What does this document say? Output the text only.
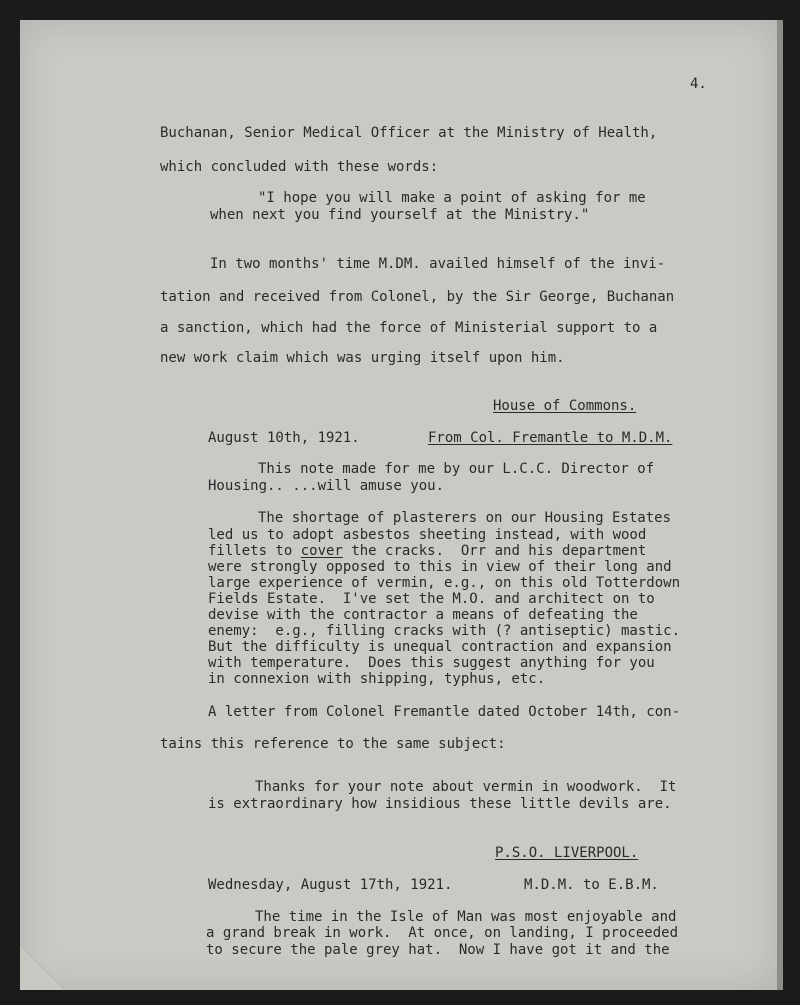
4.
Buchanan, Senior Medical Officer at the Ministry of Health,
which concluded with these words:
"I hope you will make a point of asking for me
when next you find yourself at the Ministry."
In two months' time M.DM. availed himself of the invi-
tation and received from Colonel, by the Sir George, Buchanan
a sanction, which had the force of Ministerial support to a
new work claim which was urging itself upon him.
House of Commons.
August 10th, 1921.	From Col. Fremantle to M.D.M.
This note made for me by our L.C.C. Director of
Housing.. ...will amuse you.
The shortage of plasterers on our Housing Estates
led us to adopt asbestos sheeting instead, with wood
fillets to cover the cracks.  Orr and his department
were strongly opposed to this in view of their long and
large experience of vermin, e.g., on this old Totterdown
Fields Estate.  I've set the M.O. and architect on to
devise with the contractor a means of defeating the
enemy:  e.g., filling cracks with (? antiseptic) mastic.
But the difficulty is unequal contraction and expansion
with temperature.  Does this suggest anything for you
in connexion with shipping, typhus, etc.
A letter from Colonel Fremantle dated October 14th, con-
tains this reference to the same subject:
Thanks for your note about vermin in woodwork.  It
is extraordinary how insidious these little devils are.
P.S.O. LIVERPOOL.
Wednesday, August 17th, 1921.	M.D.M. to E.B.M.
The time in the Isle of Man was most enjoyable and
a grand break in work.  At once, on landing, I proceeded
to secure the pale grey hat.  Now I have got it and the
